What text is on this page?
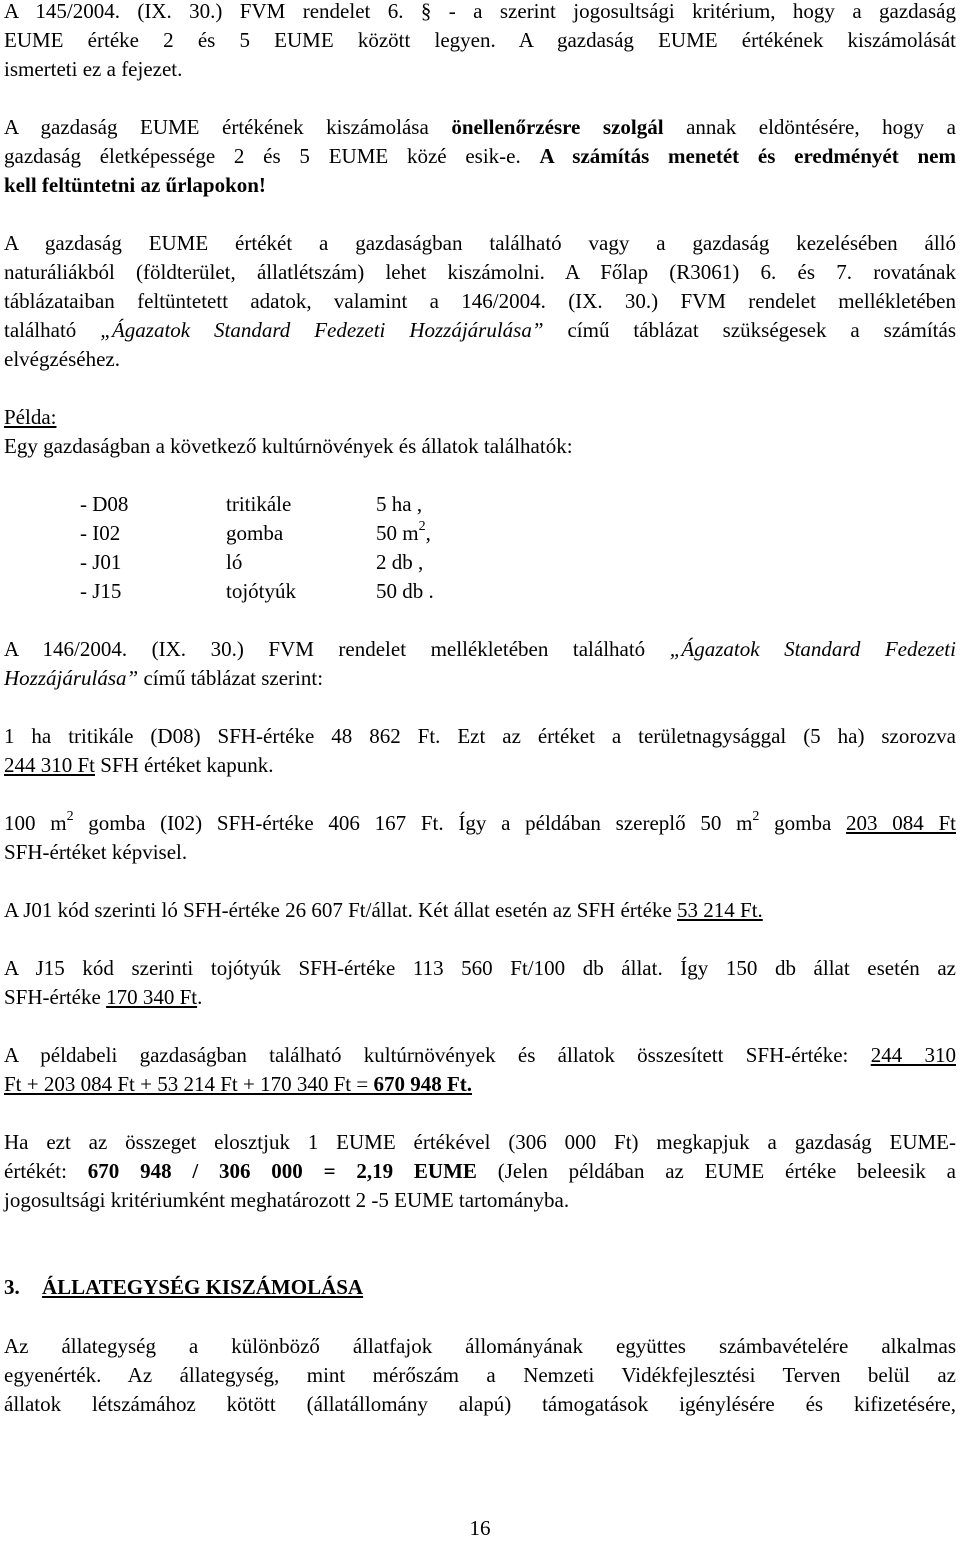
A 145/2004. (IX. 30.) FVM rendelet 6. § - a szerint jogosultsági kritérium, hogy a gazdaság
EUME értéke 2 és 5 EUME között legyen. A gazdaság EUME értékének kiszámolását
ismerteti ez a fejezet.
A gazdaság EUME értékének kiszámolása önellenőrzésre szolgál annak eldöntésére, hogy a
gazdaság életképessége 2 és 5 EUME közé esik-e. A számítás menetét és eredményét nem
kell feltüntetni az űrlapokon!
A gazdaság EUME értékét a gazdaságban található vagy a gazdaság kezelésében álló
naturáliákból (földterület, állatlétszám) lehet kiszámolni. A Főlap (R3061) 6. és 7. rovatának
táblázataiban feltüntetett adatok, valamint a 146/2004. (IX. 30.) FVM rendelet mellékletében
található „Ágazatok Standard Fedezeti Hozzájárulása” című táblázat szükségesek a számítás
elvégzéséhez.
Példa:
Egy gazdaságban a következő kultúrnövények és állatok találhatók:
- D08	tritikále	5 ha ,
- I02	gomba	50 $m^2$,
- J01	ló	2 db ,
- J15	tojótyúk	50 db .
A 146/2004. (IX. 30.) FVM rendelet mellékletében található „Ágazatok Standard Fedezeti
Hozzájárulása” című táblázat szerint:
1 ha tritikále (D08) SFH-értéke 48 862 Ft. Ezt az értéket a területnagysággal (5 ha) szorozva
244 310 Ft SFH értéket kapunk.
100 $m^2$ gomba (I02) SFH-értéke 406 167 Ft. Így a példában szereplő 50 $m^2$ gomba 203 084 Ft
SFH-értéket képvisel.
A J01 kód szerinti ló SFH-értéke 26 607 Ft/állat. Két állat esetén az SFH értéke 53 214 Ft.
A J15 kód szerinti tojótyúk SFH-értéke 113 560 Ft/100 db állat. Így 150 db állat esetén az
SFH-értéke 170 340 Ft.
A példabeli gazdaságban található kultúrnövények és állatok összesített SFH-értéke: 244 310
Ft + 203 084 Ft + 53 214 Ft + 170 340 Ft = 670 948 Ft.
Ha ezt az összeget elosztjuk 1 EUME értékével (306 000 Ft) megkapjuk a gazdaság EUME-
értékét: 670 948 / 306 000 = 2,19 EUME (Jelen példában az EUME értéke beleesik a
jogosultsági kritériumként meghatározott 2 -5 EUME tartományba.
3. ÁLLATEGYSÉG KISZÁMOLÁSA
Az állategység a különböző állatfajok állományának együttes számbavételére alkalmas
egyenérték. Az állategység, mint mérőszám a Nemzeti Vidékfejlesztési Terven belül az
állatok létszámához kötött (állatállomány alapú) támogatások igénylésére és kifizetésére,
16
